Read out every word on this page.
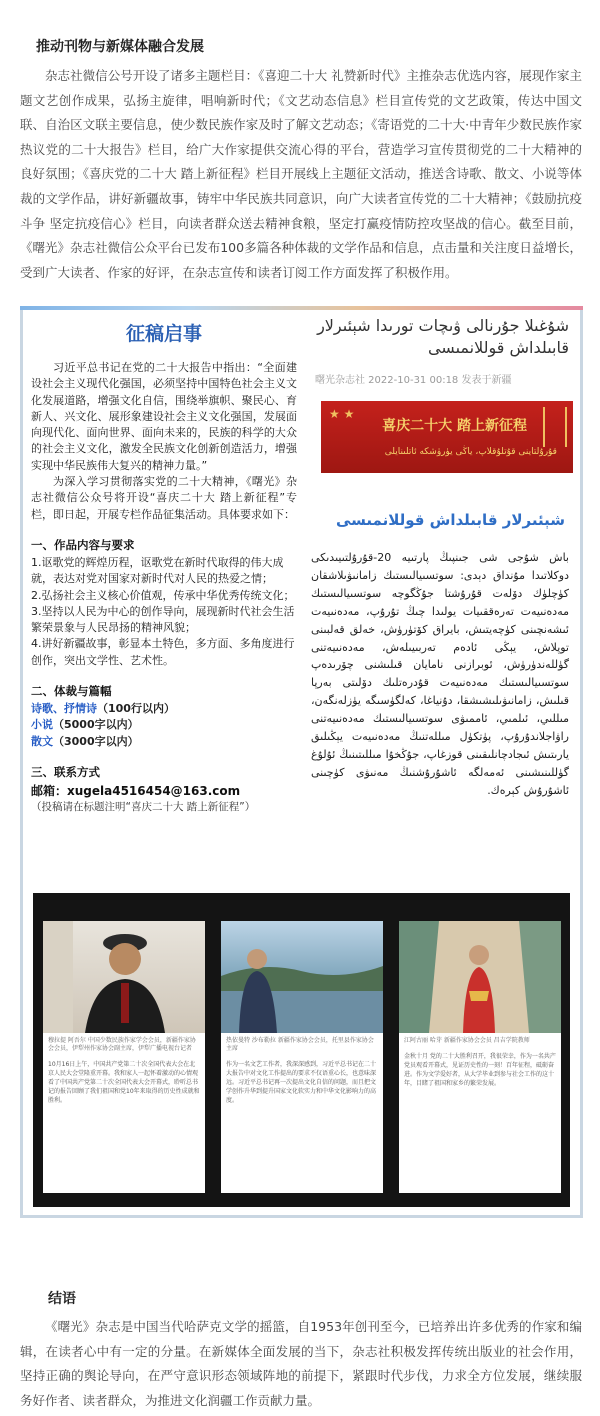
推动刊物与新媒体融合发展

杂志社微信公号开设了诸多主题栏目：《喜迎二十大 礼赞新时代》主推杂志优选内容，展现作家主题文艺创作成果，弘扬主旋律，唱响新时代；《文艺动态信息》栏目宣传党的文艺政策，传达中国文联、自治区文联主要信息，使少数民族作家及时了解文艺动态；《寄语党的二十大·中青年少数民族作家热议党的二十大报告》栏目，给广大作家提供交流心得的平台，营造学习宣传贯彻党的二十大精神的良好氛围；《喜庆党的二十大 踏上新征程》栏目开展线上主题征文活动，推送含诗歌、散文、小说等体裁的文学作品，讲好新疆故事，铸牢中华民族共同意识，向广大读者宣传党的二十大精神；《鼓励抗疫斗争 坚定抗疫信心》栏目，向读者群众送去精神食粮，坚定打赢疫情防控攻坚战的信心。截至目前，《曙光》杂志社微信公众平台已发布100多篇各种体裁的文学作品和信息，点击量和关注度日益增长，受到广大读者、作家的好评，在杂志宣传和读者订阅工作方面发挥了积极作用。

征稿启事

习近平总书记在党的二十大报告中指出：“全面建设社会主义现代化强国，必须坚持中国特色社会主义文化发展道路，增强文化自信，围绕举旗帜、聚民心、育新人、兴文化、展形象建设社会主义文化强国，发展面向现代化、面向世界、面向未来的，民族的科学的大众的社会主义文化，激发全民族文化创新创造活力，增强实现中华民族伟大复兴的精神力量。”

为深入学习贯彻落实党的二十大精神，《曙光》杂志社微信公众号将开设“喜庆二十大 踏上新征程”专栏，即日起，开展专栏作品征集活动。具体要求如下：

一、作品内容与要求
1.讴歌党的辉煌历程，讴歌党在新时代取得的伟大成就，表达对党对国家对新时代对人民的热爱之情；
2.弘扬社会主义核心价值观，传承中华优秀传统文化；
3.坚持以人民为中心的创作导向，展现新时代社会生活繁荣景象与人民昂扬的精神风貌；
4.讲好新疆故事，彰显本土特色，多方面、多角度进行创作，突出文学性、艺术性。
二、体裁与篇幅
诗歌、抒情诗（100行以内）
小说（5000字以内）
散文（3000字以内）
三、联系方式
邮箱：xugela4516454@163.com
（投稿请在标题注明“喜庆二十大 踏上新征程”）
شۇغىلا جۇرنالى ۋىچات تورىدا شېئىرلار قابىلداش قوللانمىسى
曙光杂志社 2022-10-31 00:18 发表于新疆
★ ★
喜庆二十大 踏上新征程
قۇرۇلتاينى قۇتلۇقلاپ، ياڭى يۈرۈشكە ئاتلىنايلى
شېئىرلار قابىلداش قوللانمىسى
باش شۇجى شى جىنپىڭ پارتىيە 20-قۇرۇلتىيىدىكى دوكلاتىدا مۇنداق دېدى: سوتسىيالىستىك زامانىۋىلاشقان كۈچلۈك دۆلەت قۇرۇشتا جۇڭگوچە سوتسىيالىستىك مەدەنىيەت تەرەققىيات يولىدا چىڭ تۇرۇپ، مەدەنىيەت ئىشەنچىنى كۈچەيتىش، بايراق كۆتۈرۈش، خەلق قەلبىنى توپلاش، يېڭى ئادەم تەربىيىلەش، مەدەنىيەتنى گۈللەندۈرۈش، ئوبرازنى نامايان قىلىشنى چۆرىدەپ سوتسىيالىستىك مەدەنىيەت قۇدرەتلىك دۆلىتى بەرپا قىلىش، زامانىۋىلىشىشقا، دۇنياغا، كەلگۈسىگە يۈزلەنگەن، مىللىي، ئىلمىي، ئاممىۋى سوتسىيالىستىك مەدەنىيەتنى راۋاجلاندۇرۇپ، پۈتكۈل مىللەتنىڭ مەدەنىيەت يېڭىلىق يارىتىش ئىجادچانلىقىنى قوزغاپ، جۇڭخۇا مىللىتىنىڭ ئۇلۇغ گۈللىنىشىنى ئەمەلگە ئاشۇرۇشنىڭ مەنىۋى كۈچىنى ئاشۇرۇش كېرەك.
穆拉提 阿吾尔 中国少数民族作家学会会员，新疆作家协会会员，伊犁州作家协会副主席，伊犁广播电视台记者
10月16日上午，中国共产党第二十次全国代表大会在北京人民大会堂隆重开幕。我和家人一起怀着激动的心情观看了中国共产党第二十次全国代表大会开幕式，聆听总书记的报告回顾了我们祖国和党10年来取得的历史性成就和胜利。
热依曼特 沙布勒拉 新疆作家协会会员，托里县作家协会主席
作为一名文艺工作者，我深深感到，习近平总书记在二十大报告中对文化工作提出的要求不仅语重心长，也意味深远。习近平总书记再一次提出文化自信的问题，而且把文学创作升华到提升国家文化软实力和中华文化影响力的高度。
江阿古丽 哈芽 新疆作家协会会员 昌吉学院教师
金秋十月 党的二十大胜利召开，我很荣幸，作为一名共产党员观看开幕式，见证历史性的一刻！百年征程，砥砺奋进。作为文学爱好者，从大学毕业到参与社会工作的这十年，目睹了祖国和家乡的繁荣发展。
结语

《曙光》杂志是中国当代哈萨克文学的摇篮，自1953年创刊至今，已培养出许多优秀的作家和编辑，在读者心中有一定的分量。在新媒体全面发展的当下，杂志社积极发挥传统出版业的社会作用，坚持正确的舆论导向，在严守意识形态领域阵地的前提下，紧跟时代步伐，力求全方位发展，继续服务好作者、读者群众，为推进文化润疆工作贡献力量。
